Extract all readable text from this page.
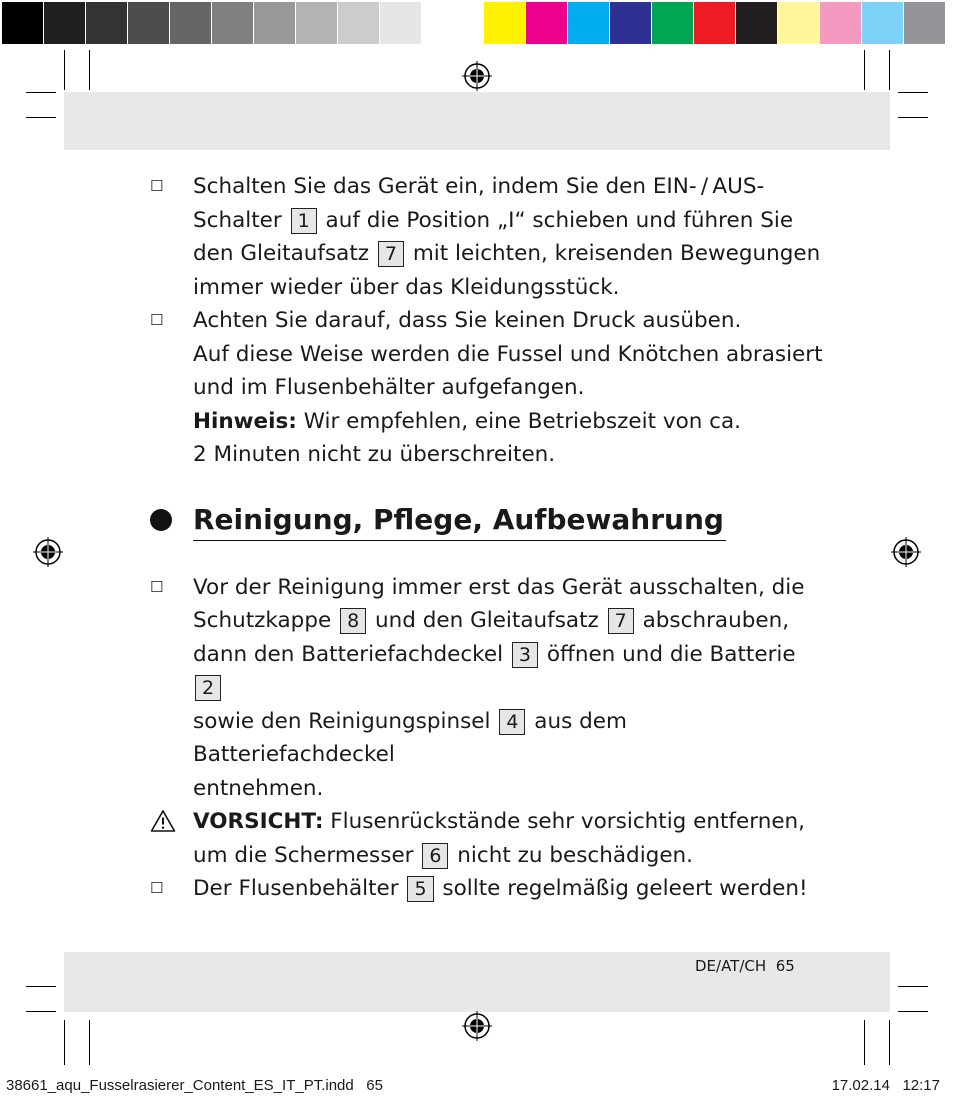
☐	Schalten Sie das Gerät ein, indem Sie den EIN- / AUS-
Schalter 1 auf die Position „I“ schieben und führen Sie
den Gleitaufsatz 7 mit leichten, kreisenden Bewegungen
immer wieder über das Kleidungsstück.
☐	Achten Sie darauf, dass Sie keinen Druck ausüben.
Auf diese Weise werden die Fussel und Knötchen abrasiert
und im Flusenbehälter aufgefangen.
Hinweis: Wir empfehlen, eine Betriebszeit von ca.
2 Minuten nicht zu überschreiten.
Reinigung, Pflege, Aufbewahrung
☐	Vor der Reinigung immer erst das Gerät ausschalten, die
Schutzkappe 8 und den Gleitaufsatz 7 abschrauben,
dann den Batteriefachdeckel 3 öffnen und die Batterie 2
sowie den Reinigungspinsel 4 aus dem Batteriefachdeckel
entnehmen.
VORSICHT: Flusenrückstände sehr vorsichtig entfernen,
um die Schermesser 6 nicht zu beschädigen.
☐	Der Flusenbehälter 5 sollte regelmäßig geleert werden!
DE/AT/CH 65
38661_aqu_Fusselrasierer_Content_ES_IT_PT.indd   65	17.02.14   12:17
